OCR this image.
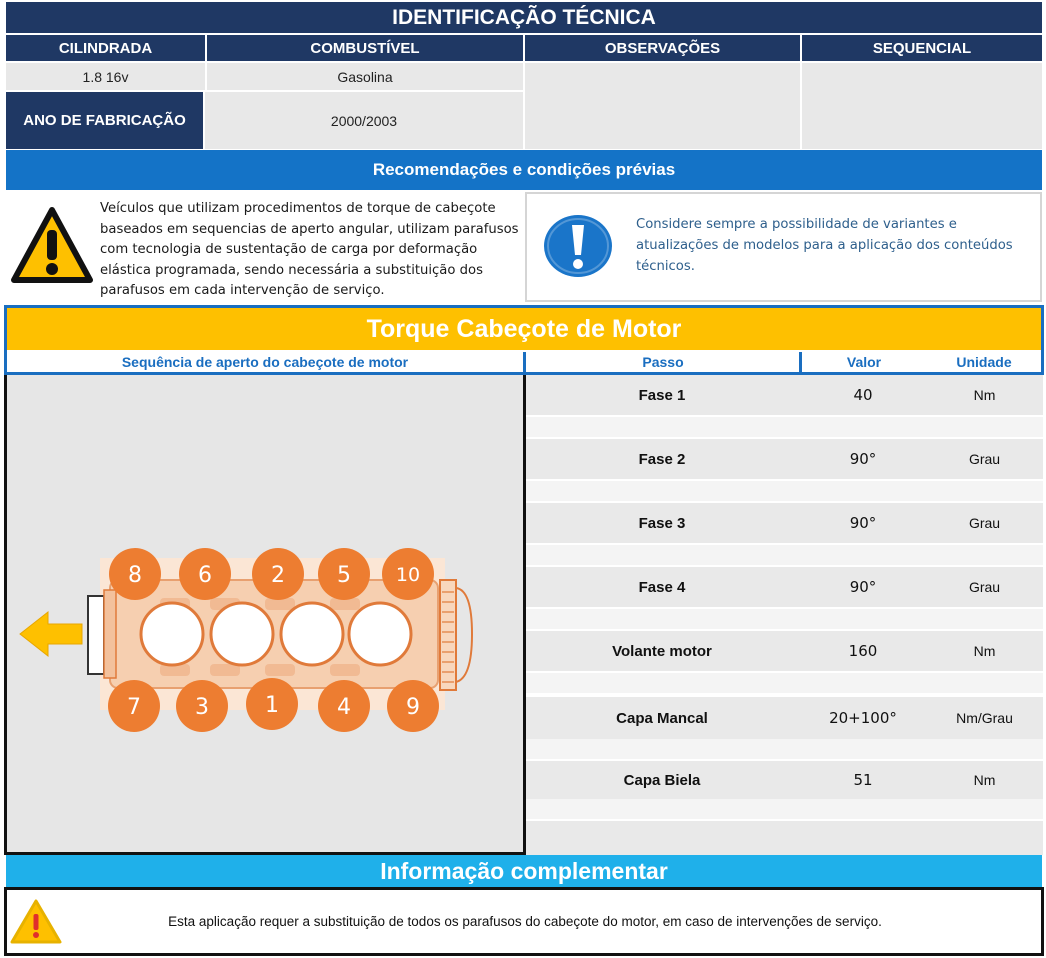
IDENTIFICAÇÃO TÉCNICA
CILINDRADA	COMBUSTÍVEL	OBSERVAÇÕES	SEQUENCIAL
1.8 16v	Gasolina
ANO DE FABRICAÇÃO	2000/2003
Recomendações e condições prévias
Veículos que utilizam procedimentos de torque de cabeçote baseados em sequencias de aperto angular, utilizam parafusos com tecnologia de sustentação de carga por deformação elástica programada, sendo necessária a substituição dos parafusos em cada intervenção de serviço.
Considere sempre a possibilidade de variantes e atualizações de modelos para a aplicação dos conteúdos técnicos.
Torque Cabeçote de Motor
Sequência de aperto do cabeçote de motor	Passo	Valor	Unidade
8	6	2 5 10
7 3	1	4	9
Fase 1	40	Nm
Fase 2	90°	Grau
Fase 3	90°	Grau
Fase 4	90°	Grau
Volante motor	160	Nm
Capa Mancal	20+100°	Nm/Grau
Capa Biela	51	Nm
Informação complementar
Esta aplicação requer a substituição de todos os parafusos do cabeçote do motor, em caso de intervenções de serviço.
